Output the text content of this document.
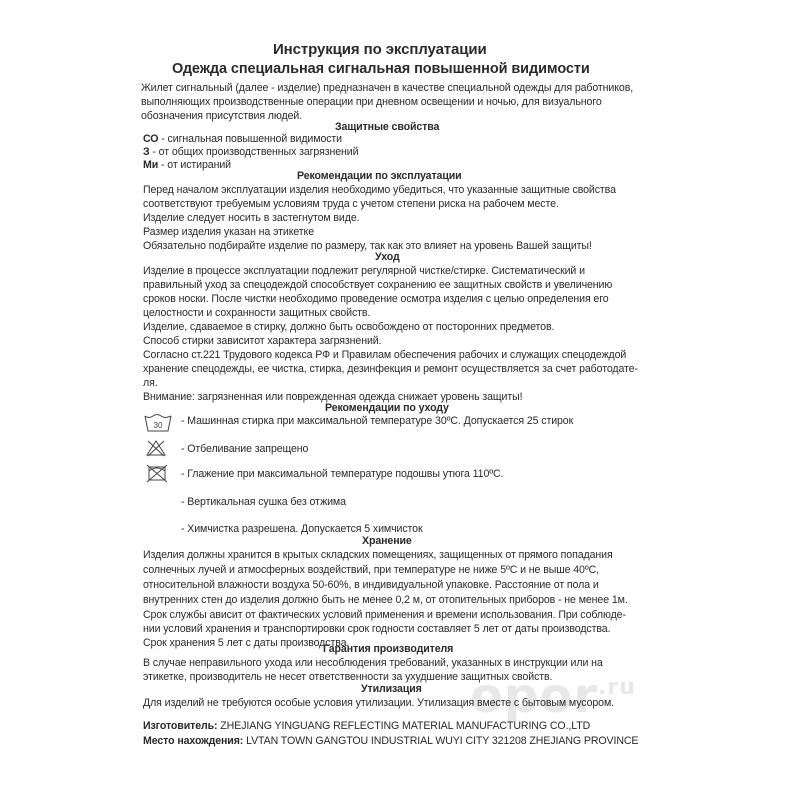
Инструкция по эксплуатации
Одежда специальная сигнальная повышенной видимости
Жилет сигнальный (далее - изделие) предназначен в качестве специальной одежды для работников,
выполняющих производственные операции при дневном освещении и ночью, для визуального
обозначения присутствия людей.
Защитные свойства
СО - сигнальная повышенной видимости
З - от общих производственных загрязнений
Ми - от истираний
Рекомендации по эксплуатации
Перед началом эксплуатации изделия необходимо убедиться, что указанные защитные свойства
соответствуют требуемым условиям труда с учетом степени риска на рабочем месте.
Изделие следует носить в застегнутом виде.
Размер изделия указан на этикетке
Обязательно подбирайте изделие по размеру, так как это влияет на уровень Вашей защиты!
Уход
Изделие в процессе эксплуатации подлежит регулярной чистке/стирке. Систематический и
правильный уход за спецодеждой способствует сохранению ее защитных свойств и увеличению
сроков носки. После чистки необходимо проведение осмотра изделия с целью определения его
целостности и сохранности защитных свойств.
Изделие, сдаваемое в стирку, должно быть освобождено от посторонних предметов.
Способ стирки зависитот характера загрязнений.
Согласно ст.221 Трудового кодекса РФ и Правилам обеспечения рабочих и служащих спецодеждой
хранение спецодежды, ее чистка, стирка, дезинфекция и ремонт осуществляется за счет работодате-
ля.
Внимание: загрязненная или поврежденная одежда снижает уровень защиты!
Рекомендации по уходу
30 - Машинная стирка при максимальной температуре 30ºС. Допускается 25 стирок
- Отбеливание запрещено
- Глажение при максимальной температуре подошвы утюга 110ºС.
- Вертикальная сушка без отжима
- Химчистка разрешена. Допускается 5 химчисток
Хранение
Изделия должны хранится в крытых складских помещениях, защищенных от прямого попадания
солнечных лучей и атмосферных воздействий, при температуре не ниже 5ºС и не выше 40ºС,
относительной влажности воздуха 50-60%, в индивидуальной упаковке. Расстояние от пола и
внутренних стен до изделия должно быть не менее 0,2 м, от отопительных приборов - не менее 1м.
Срок службы ависит от фактических условий применения и времени использования. При соблюде-
нии условий хранения и транспортировки срок годности составляет 5 лет от даты производства.
Срок хранения 5 лет с даты производства.
Гарантия производителя
В случае неправильного ухода или несоблюдения требований, указанных в инструкции или на
этикетке, производитель не несет ответственности за ухудшение защитных свойств.
opor$^{.ru}$
Утилизация
Для изделий не требуются особые условия утилизации. Утилизация вместе с бытовым мусором.
Изготовитель: ZHEJIANG YINGUANG REFLECTING MATERIAL MANUFACTURING CO.,LTD
Место нахождения: LVTAN TOWN GANGTOU INDUSTRIAL WUYI CITY 321208 ZHEJIANG PROVINCE
